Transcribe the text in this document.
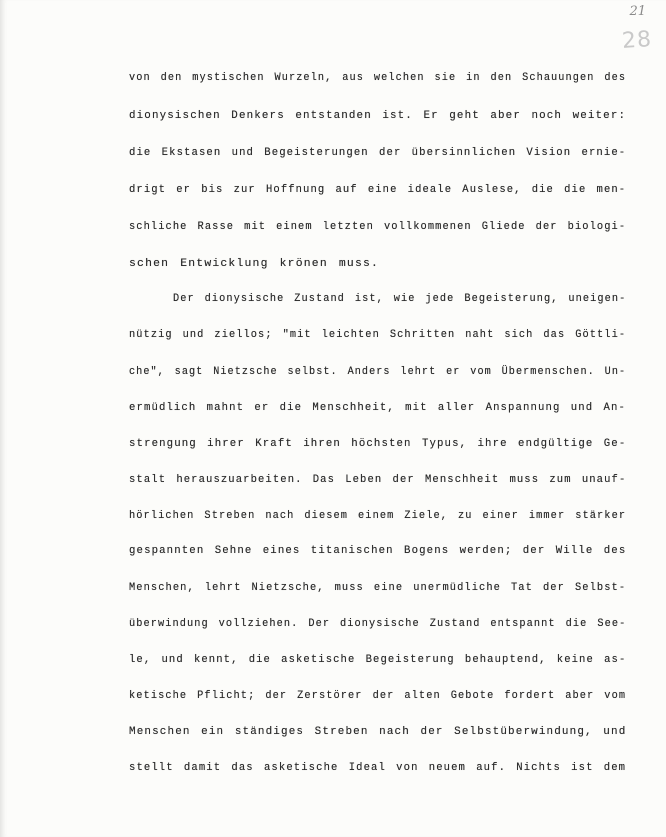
21
28
von den mystischen Wurzeln, aus welchen sie in den Schauungen des
dionysischen Denkers entstanden ist. Er geht aber noch weiter:
die Ekstasen und Begeisterungen der übersinnlichen Vision ernie-
drigt er bis zur Hoffnung auf eine ideale Auslese, die die men-
schliche Rasse mit einem letzten vollkommenen Gliede der biologi-
schen Entwicklung krönen muss.
Der dionysische Zustand ist, wie jede Begeisterung, uneigen-
nützig und ziellos; "mit leichten Schritten naht sich das Göttli-
che", sagt Nietzsche selbst. Anders lehrt er vom Übermenschen. Un-
ermüdlich mahnt er die Menschheit, mit aller Anspannung und An-
strengung ihrer Kraft ihren höchsten Typus, ihre endgültige Ge-
stalt herauszuarbeiten. Das Leben der Menschheit muss zum unauf-
hörlichen Streben nach diesem einem Ziele, zu einer immer stärker
gespannten Sehne eines titanischen Bogens werden; der Wille des
Menschen, lehrt Nietzsche, muss eine unermüdliche Tat der Selbst-
überwindung vollziehen. Der dionysische Zustand entspannt die See-
le, und kennt, die asketische Begeisterung behauptend, keine as-
ketische Pflicht; der Zerstörer der alten Gebote fordert aber vom
Menschen ein ständiges Streben nach der Selbstüberwindung, und
stellt damit das asketische Ideal von neuem auf. Nichts ist dem
